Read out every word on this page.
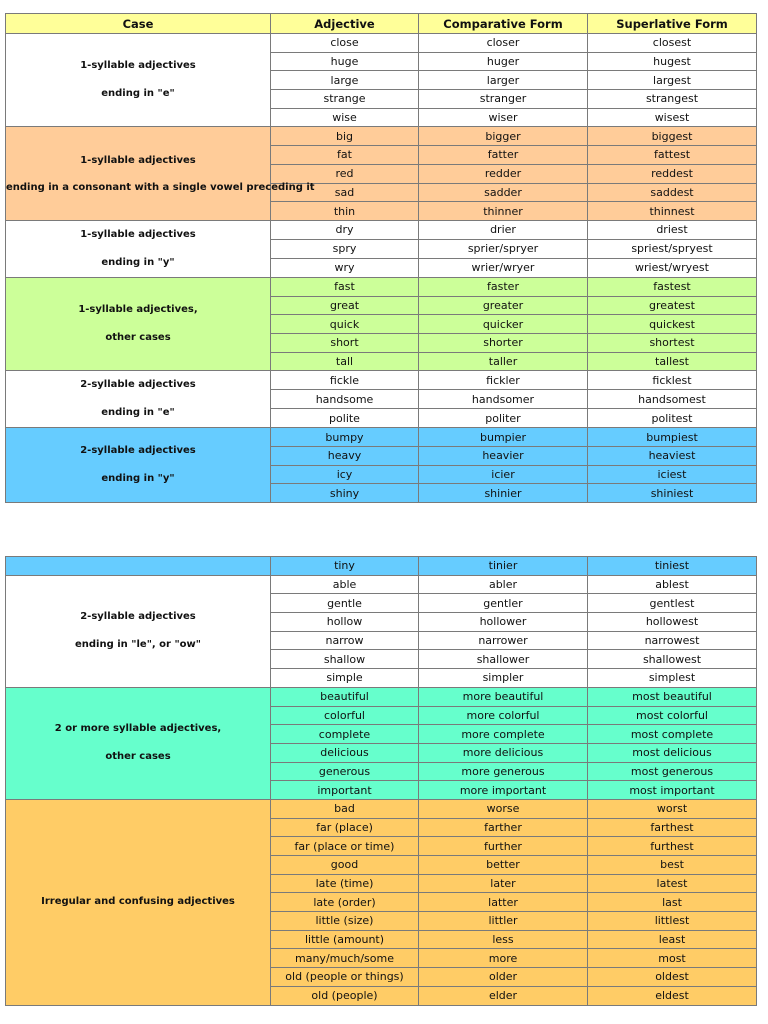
Case	Adjective	Comparative Form	Superlative Form

1-syllable adjectives
ending in "e"	close	closer	closest
	huge	huger	hugest
	large	larger	largest
	strange	stranger	strangest
	wise	wiser	wisest

1-syllable adjectives
ending in a consonant with a single vowel preceding it	big	bigger	biggest
	fat	fatter	fattest
	red	redder	reddest
	sad	sadder	saddest
	thin	thinner	thinnest

1-syllable adjectives
ending in "y"	dry	drier	driest
	spry	sprier/spryer	spriest/spryest
	wry	wrier/wryer	wriest/wryest

1-syllable adjectives,
other cases	fast	faster	fastest
	great	greater	greatest
	quick	quicker	quickest
	short	shorter	shortest
	tall	taller	tallest

2-syllable adjectives
ending in "e"	fickle	fickler	ficklest
	handsome	handsomer	handsomest
	polite	politer	politest

2-syllable adjectives
ending in "y"	bumpy	bumpier	bumpiest
	heavy	heavier	heaviest
	icy	icier	iciest
	shiny	shinier	shiniest
	tiny	tinier	tiniest

2-syllable adjectives
ending in "le", or "ow"	able	abler	ablest
	gentle	gentler	gentlest
	hollow	hollower	hollowest
	narrow	narrower	narrowest
	shallow	shallower	shallowest
	simple	simpler	simplest

2 or more syllable adjectives,
other cases	beautiful	more beautiful	most beautiful
	colorful	more colorful	most colorful
	complete	more complete	most complete
	delicious	more delicious	most delicious
	generous	more generous	most generous
	important	more important	most important

Irregular and confusing adjectives	bad	worse	worst
	far (place)	farther	farthest
	far (place or time)	further	furthest
	good	better	best
	late (time)	later	latest
	late (order)	latter	last
	little (size)	littler	littlest
	little (amount)	less	least
	many/much/some	more	most
	old (people or things)	older	oldest
	old (people)	elder	eldest
